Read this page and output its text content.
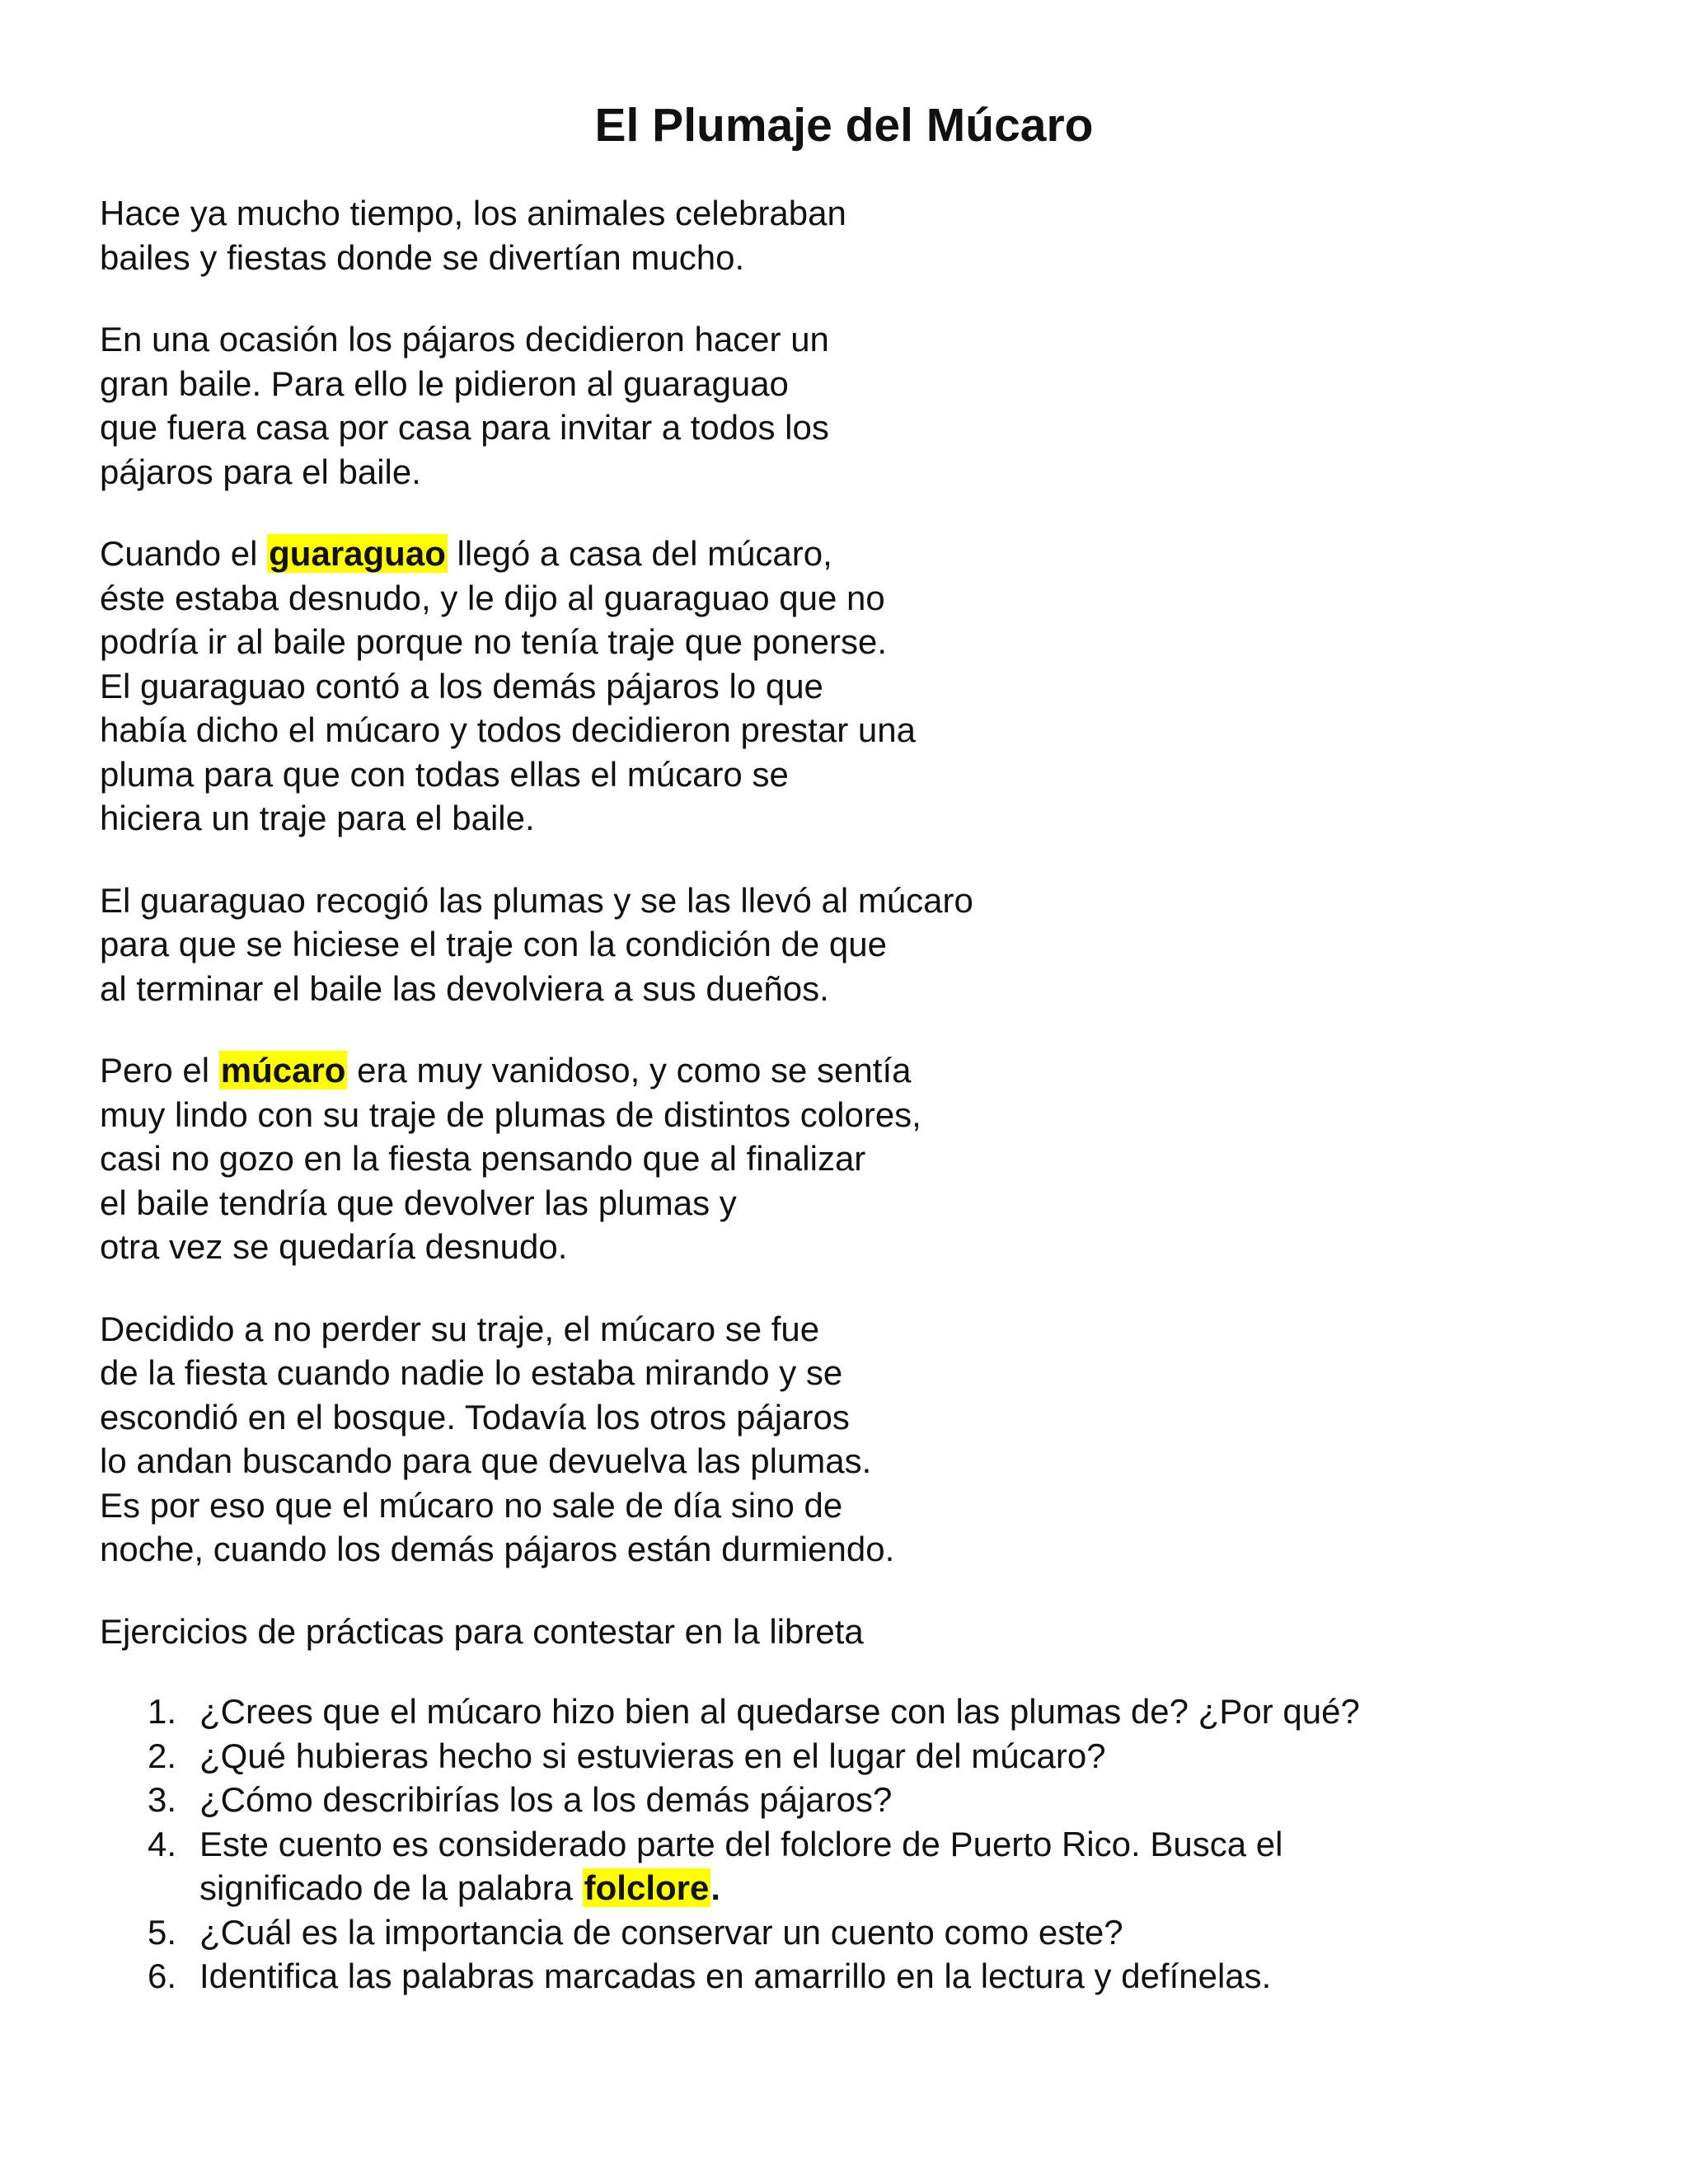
El Plumaje del Múcaro

Hace ya mucho tiempo, los animales celebraban
bailes y fiestas donde se divertían mucho.

En una ocasión los pájaros decidieron hacer un
gran baile. Para ello le pidieron al guaraguao
que fuera casa por casa para invitar a todos los
pájaros para el baile.

Cuando el guaraguao llegó a casa del múcaro,
éste estaba desnudo, y le dijo al guaraguao que no
podría ir al baile porque no tenía traje que ponerse.
El guaraguao contó a los demás pájaros lo que
había dicho el múcaro y todos decidieron prestar una
pluma para que con todas ellas el múcaro se
hiciera un traje para el baile.

El guaraguao recogió las plumas y se las llevó al múcaro
para que se hiciese el traje con la condición de que
al terminar el baile las devolviera a sus dueños.

Pero el múcaro era muy vanidoso, y como se sentía
muy lindo con su traje de plumas de distintos colores,
casi no gozo en la fiesta pensando que al finalizar
el baile tendría que devolver las plumas y
otra vez se quedaría desnudo.

Decidido a no perder su traje, el múcaro se fue
de la fiesta cuando nadie lo estaba mirando y se
escondió en el bosque. Todavía los otros pájaros
lo andan buscando para que devuelva las plumas.
Es por eso que el múcaro no sale de día sino de
noche, cuando los demás pájaros están durmiendo.

Ejercicios de prácticas para contestar en la libreta

1. ¿Crees que el múcaro hizo bien al quedarse con las plumas de? ¿Por qué?
2. ¿Qué hubieras hecho si estuvieras en el lugar del múcaro?
3. ¿Cómo describirías los a los demás pájaros?
4. Este cuento es considerado parte del folclore de Puerto Rico. Busca el
significado de la palabra folclore.
5. ¿Cuál es la importancia de conservar un cuento como este?
6. Identifica las palabras marcadas en amarrillo en la lectura y defínelas.
